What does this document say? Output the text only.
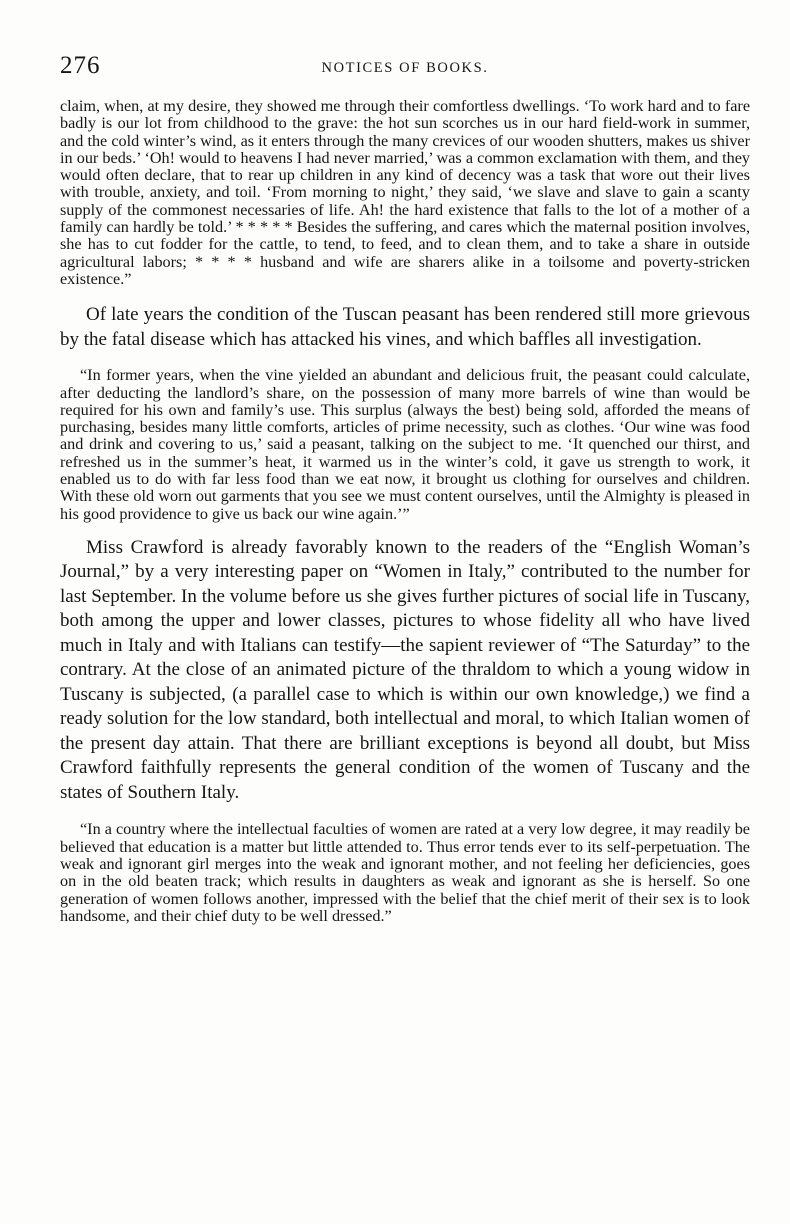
276	NOTICES OF BOOKS.

claim, when, at my desire, they showed me through their comfortless dwellings. ‘To work hard and to fare badly is our lot from childhood to the grave: the hot sun scorches us in our hard field-work in summer, and the cold winter’s wind, as it enters through the many crevices of our wooden shutters, makes us shiver in our beds.’ ‘Oh! would to heavens I had never married,’ was a common exclamation with them, and they would often declare, that to rear up children in any kind of decency was a task that wore out their lives with trouble, anxiety, and toil. ‘From morning to night,’ they said, ‘we slave and slave to gain a scanty supply of the commonest necessaries of life. Ah! the hard existence that falls to the lot of a mother of a family can hardly be told.’ * * * * * Besides the suffering, and cares which the maternal position involves, she has to cut fodder for the cattle, to tend, to feed, and to clean them, and to take a share in outside agricultural labors; * * * * husband and wife are sharers alike in a toilsome and poverty-stricken existence.”

Of late years the condition of the Tuscan peasant has been rendered still more grievous by the fatal disease which has attacked his vines, and which baffles all investigation.

“In former years, when the vine yielded an abundant and delicious fruit, the peasant could calculate, after deducting the landlord’s share, on the possession of many more barrels of wine than would be required for his own and family’s use. This surplus (always the best) being sold, afforded the means of purchasing, besides many little comforts, articles of prime necessity, such as clothes. ‘Our wine was food and drink and covering to us,’ said a peasant, talking on the subject to me. ‘It quenched our thirst, and refreshed us in the summer’s heat, it warmed us in the winter’s cold, it gave us strength to work, it enabled us to do with far less food than we eat now, it brought us clothing for ourselves and children. With these old worn out garments that you see we must content ourselves, until the Almighty is pleased in his good providence to give us back our wine again.’”

Miss Crawford is already favorably known to the readers of the “English Woman’s Journal,” by a very interesting paper on “Women in Italy,” contributed to the number for last September. In the volume before us she gives further pictures of social life in Tuscany, both among the upper and lower classes, pictures to whose fidelity all who have lived much in Italy and with Italians can testify—the sapient reviewer of “The Saturday” to the contrary. At the close of an animated picture of the thraldom to which a young widow in Tuscany is subjected, (a parallel case to which is within our own knowledge,) we find a ready solution for the low standard, both intellectual and moral, to which Italian women of the present day attain. That there are brilliant exceptions is beyond all doubt, but Miss Crawford faithfully represents the general condition of the women of Tuscany and the states of Southern Italy.

“In a country where the intellectual faculties of women are rated at a very low degree, it may readily be believed that education is a matter but little attended to. Thus error tends ever to its self-perpetuation. The weak and ignorant girl merges into the weak and ignorant mother, and not feeling her deficiencies, goes on in the old beaten track; which results in daughters as weak and ignorant as she is herself. So one generation of women follows another, impressed with the belief that the chief merit of their sex is to look handsome, and their chief duty to be well dressed.”
